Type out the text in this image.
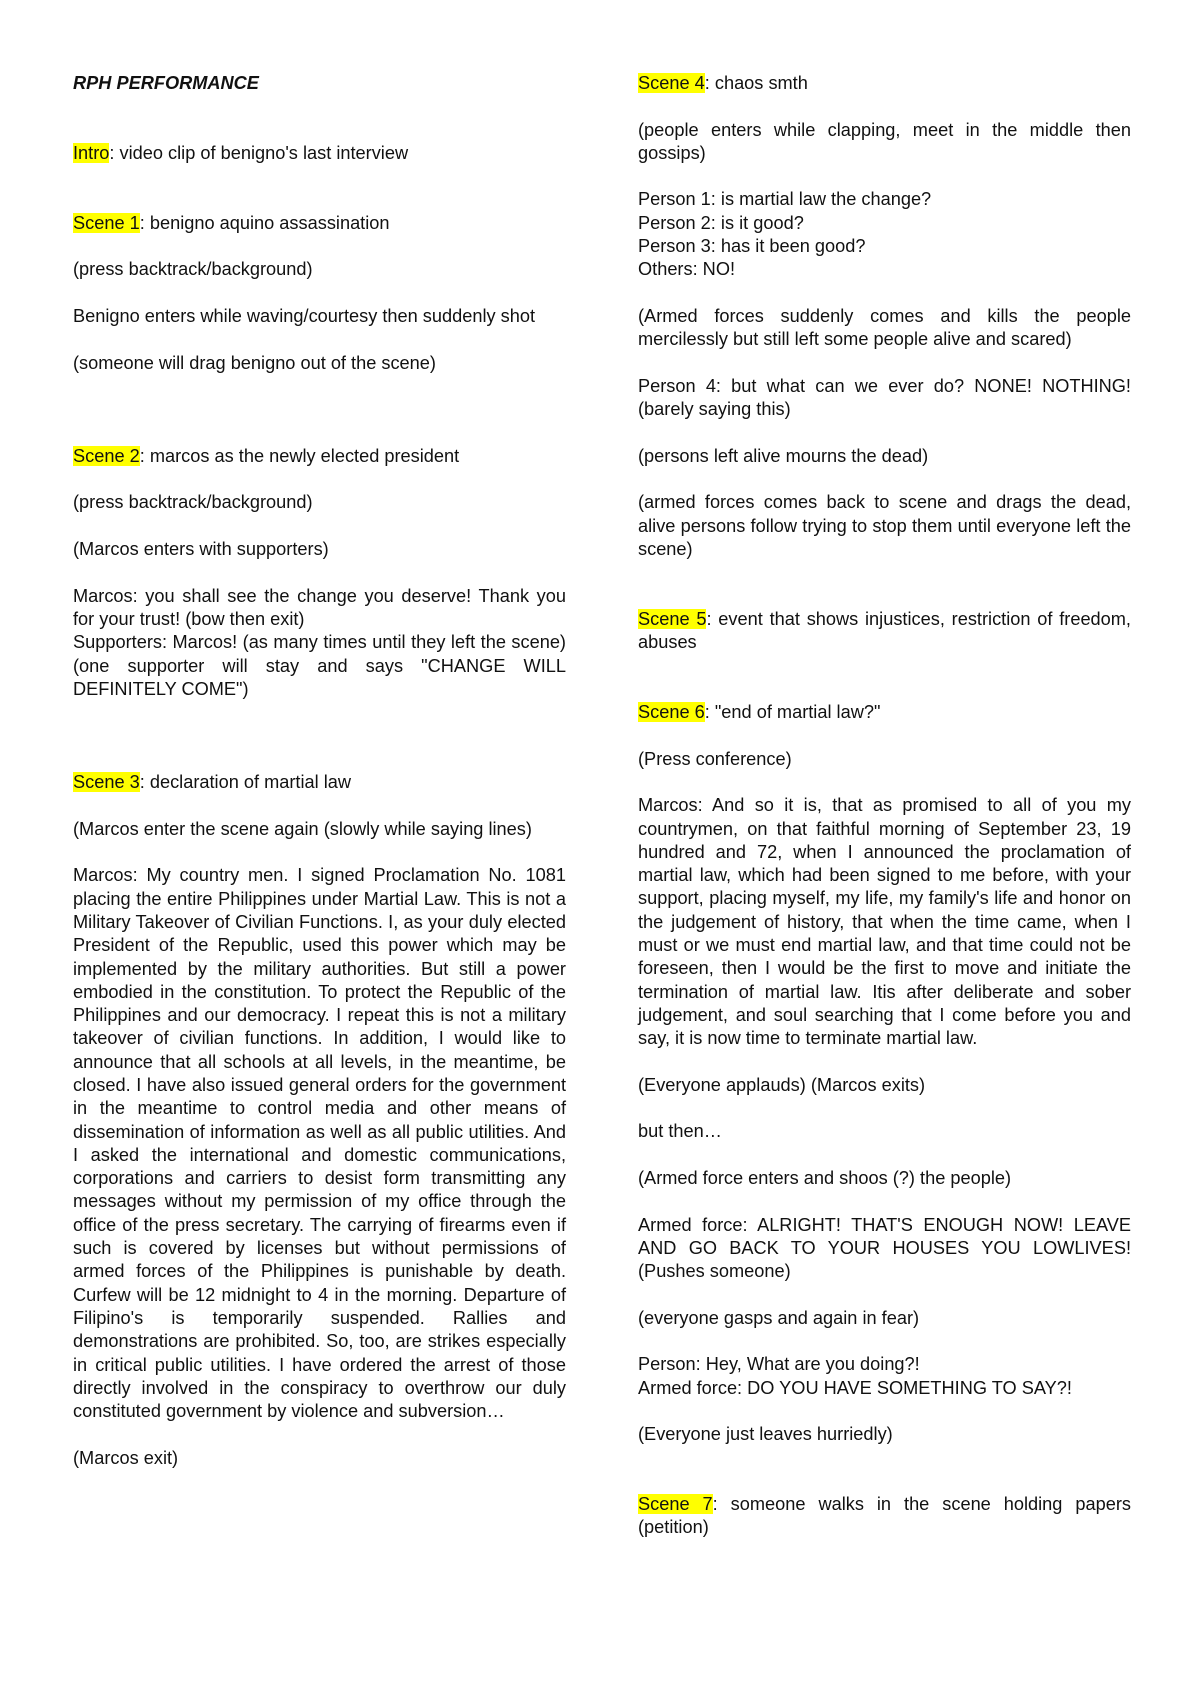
RPH PERFORMANCE

Intro: video clip of benigno's last interview

Scene 1: benigno aquino assassination

(press backtrack/background)

Benigno enters while waving/courtesy then suddenly shot

(someone will drag benigno out of the scene)

Scene 2: marcos as the newly elected president

(press backtrack/background)

(Marcos enters with supporters)

Marcos: you shall see the change you deserve! Thank you for your trust! (bow then exit)

Supporters: Marcos! (as many times until they left the scene) (one supporter will stay and says "CHANGE WILL DEFINITELY COME")

Scene 3: declaration of martial law

(Marcos enter the scene again (slowly while saying lines)

Marcos: My country men. I signed Proclamation No. 1081 placing the entire Philippines under Martial Law. This is not a Military Takeover of Civilian Functions. I, as your duly elected President of the Republic, used this power which may be implemented by the military authorities. But still a power embodied in the constitution. To protect the Republic of the Philippines and our democracy. I repeat this is not a military takeover of civilian functions. In addition, I would like to announce that all schools at all levels, in the meantime, be closed. I have also issued general orders for the government in the meantime to control media and other means of dissemination of information as well as all public utilities. And I asked the international and domestic communications, corporations and carriers to desist form transmitting any messages without my permission of my office through the office of the press secretary. The carrying of firearms even if such is covered by licenses but without permissions of armed forces of the Philippines is punishable by death. Curfew will be 12 midnight to 4 in the morning. Departure of Filipino's is temporarily suspended. Rallies and demonstrations are prohibited. So, too, are strikes especially in critical public utilities. I have ordered the arrest of those directly involved in the conspiracy to overthrow our duly constituted government by violence and subversion…

(Marcos exit)

Scene 4: chaos smth

(people enters while clapping, meet in the middle then gossips)

Person 1: is martial law the change?

Person 2: is it good?

Person 3: has it been good?

Others: NO!

(Armed forces suddenly comes and kills the people mercilessly but still left some people alive and scared)

Person 4: but what can we ever do? NONE! NOTHING! (barely saying this)

(persons left alive mourns the dead)

(armed forces comes back to scene and drags the dead, alive persons follow trying to stop them until everyone left the scene)

Scene 5: event that shows injustices, restriction of freedom, abuses

Scene 6: "end of martial law?"

(Press conference)

Marcos: And so it is, that as promised to all of you my countrymen, on that faithful morning of September 23, 19 hundred and 72, when I announced the proclamation of martial law, which had been signed to me before, with your support, placing myself, my life, my family's life and honor on the judgement of history, that when the time came, when I must or we must end martial law, and that time could not be foreseen, then I would be the first to move and initiate the termination of martial law. Itis after deliberate and sober judgement, and soul searching that I come before you and say, it is now time to terminate martial law.

(Everyone applauds) (Marcos exits)

but then…

(Armed force enters and shoos (?) the people)

Armed force: ALRIGHT! THAT'S ENOUGH NOW! LEAVE AND GO BACK TO YOUR HOUSES YOU LOWLIVES! (Pushes someone)

(everyone gasps and again in fear)

Person: Hey, What are you doing?!

Armed force: DO YOU HAVE SOMETHING TO SAY?!

(Everyone just leaves hurriedly)

Scene 7: someone walks in the scene holding papers (petition)
